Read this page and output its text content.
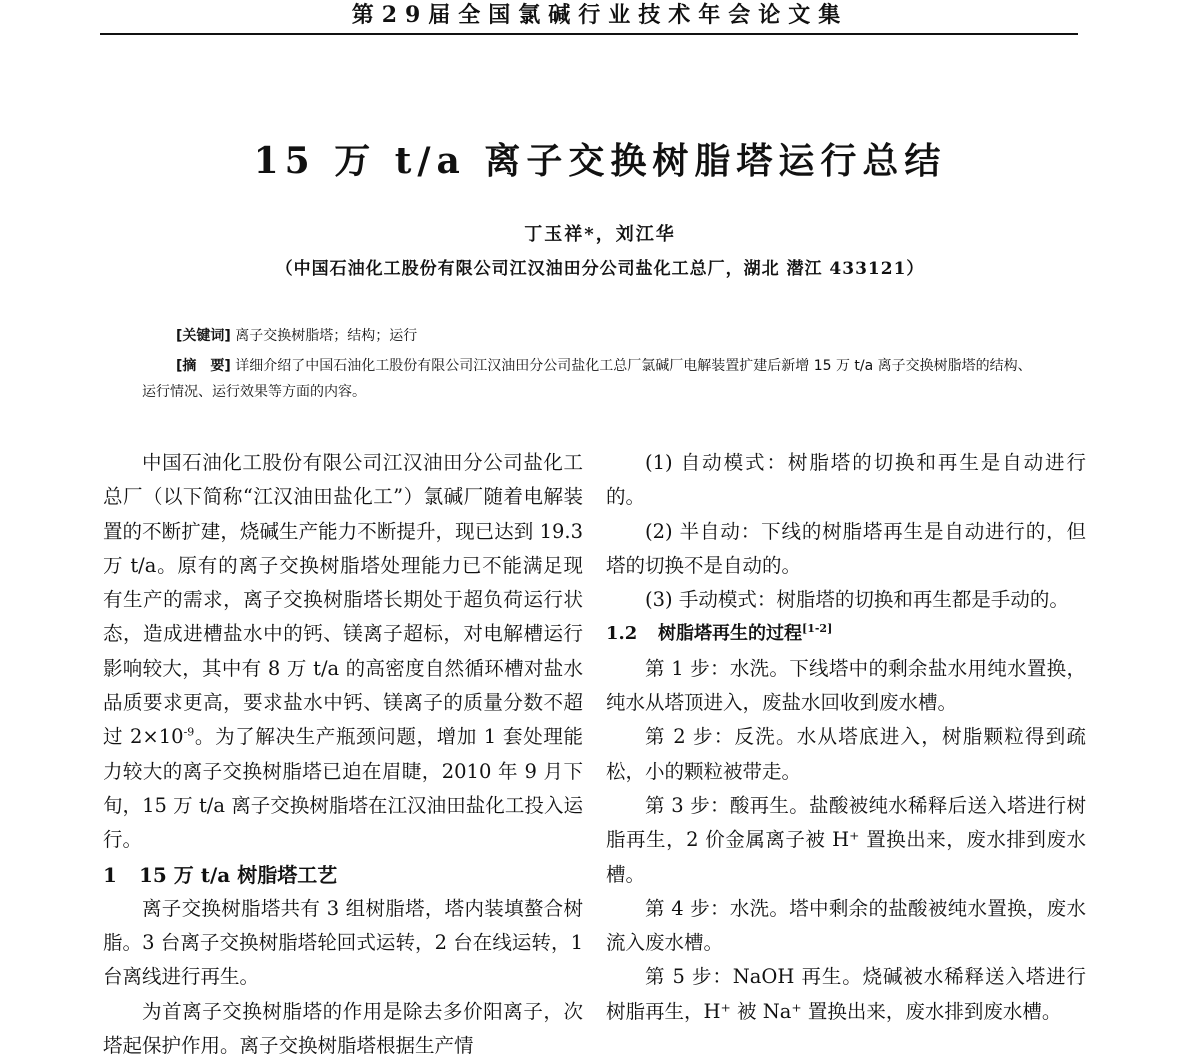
第29届全国氯碱行业技术年会论文集
15 万 t/a 离子交换树脂塔运行总结
丁玉祥*，刘江华
（中国石油化工股份有限公司江汉油田分公司盐化工总厂，湖北 潜江 433121）
[关键词] 离子交换树脂塔；结构；运行
[摘　要] 详细介绍了中国石油化工股份有限公司江汉油田分公司盐化工总厂氯碱厂电解装置扩建后新增 15 万 t/a 离子交换树脂塔的结构、运行情况、运行效果等方面的内容。

中国石油化工股份有限公司江汉油田分公司盐化工总厂（以下简称“江汉油田盐化工”）氯碱厂随着电解装置的不断扩建，烧碱生产能力不断提升，现已达到 19.3 万 t/a。原有的离子交换树脂塔处理能力已不能满足现有生产的需求，离子交换树脂塔长期处于超负荷运行状态，造成进槽盐水中的钙、镁离子超标，对电解槽运行影响较大，其中有 8 万 t/a 的高密度自然循环槽对盐水品质要求更高，要求盐水中钙、镁离子的质量分数不超过 $2\times 10^{-9}$。为了解决生产瓶颈问题，增加 1 套处理能力较大的离子交换树脂塔已迫在眉睫，2010 年 9 月下旬，15 万 t/a 离子交换树脂塔在江汉油田盐化工投入运行。

1 15 万 t/a 树脂塔工艺

离子交换树脂塔共有 3 组树脂塔，塔内装填螯合树脂。3 台离子交换树脂塔轮回式运转，2 台在线运转，1 台离线进行再生。

为首离子交换树脂塔的作用是除去多价阳离子，次塔起保护作用。离子交换树脂塔根据生产情

(1) 自动模式：树脂塔的切换和再生是自动进行的。

(2) 半自动：下线的树脂塔再生是自动进行的，但塔的切换不是自动的。

(3) 手动模式：树脂塔的切换和再生都是手动的。

1.2 树脂塔再生的过程[1-2]

第 1 步：水洗。下线塔中的剩余盐水用纯水置换，纯水从塔顶进入，废盐水回收到废水槽。

第 2 步：反洗。水从塔底进入，树脂颗粒得到疏松，小的颗粒被带走。

第 3 步：酸再生。盐酸被纯水稀释后送入塔进行树脂再生，2 价金属离子被 H⁺ 置换出来，废水排到废水槽。

第 4 步：水洗。塔中剩余的盐酸被纯水置换，废水流入废水槽。

第 5 步：NaOH 再生。烧碱被水稀释送入塔进行树脂再生，H⁺ 被 Na⁺ 置换出来，废水排到废水槽。
